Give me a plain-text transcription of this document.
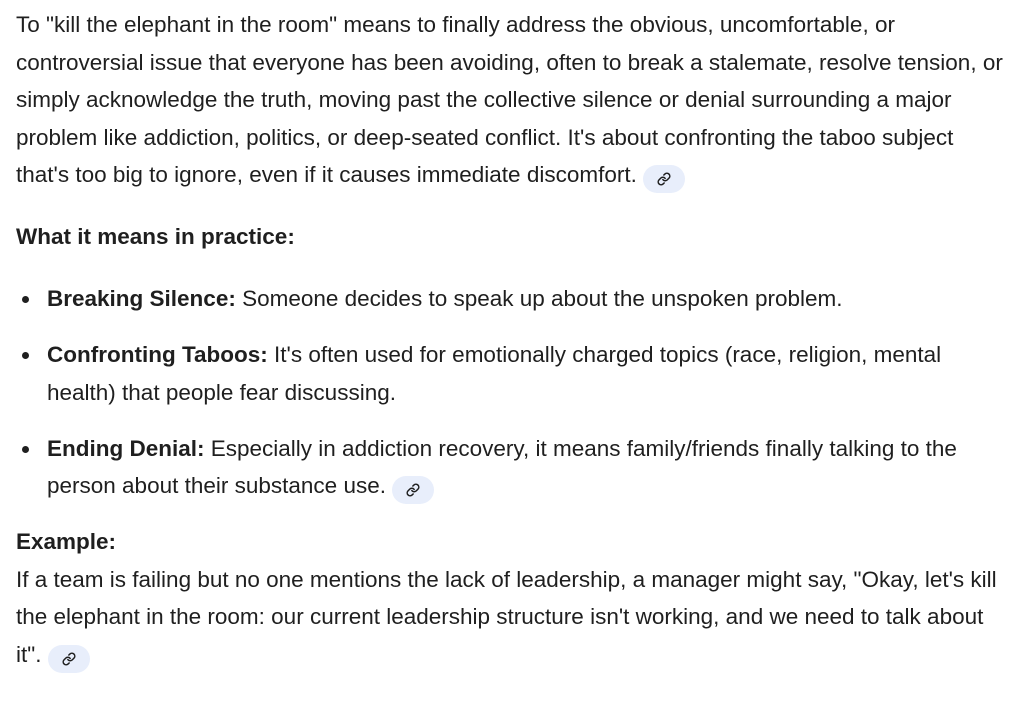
To "kill the elephant in the room" means to finally address the obvious, uncomfortable, or controversial issue that everyone has been avoiding, often to break a stalemate, resolve tension, or simply acknowledge the truth, moving past the collective silence or denial surrounding a major problem like addiction, politics, or deep-seated conflict. It's about confronting the taboo subject that's too big to ignore, even if it causes immediate discomfort.

What it means in practice:

Breaking Silence: Someone decides to speak up about the unspoken problem.
Confronting Taboos: It's often used for emotionally charged topics (race, religion, mental health) that people fear discussing.
Ending Denial: Especially in addiction recovery, it means family/friends finally talking to the person about their substance use.

Example:

If a team is failing but no one mentions the lack of leadership, a manager might say, "Okay, let's kill the elephant in the room: our current leadership structure isn't working, and we need to talk about it".
